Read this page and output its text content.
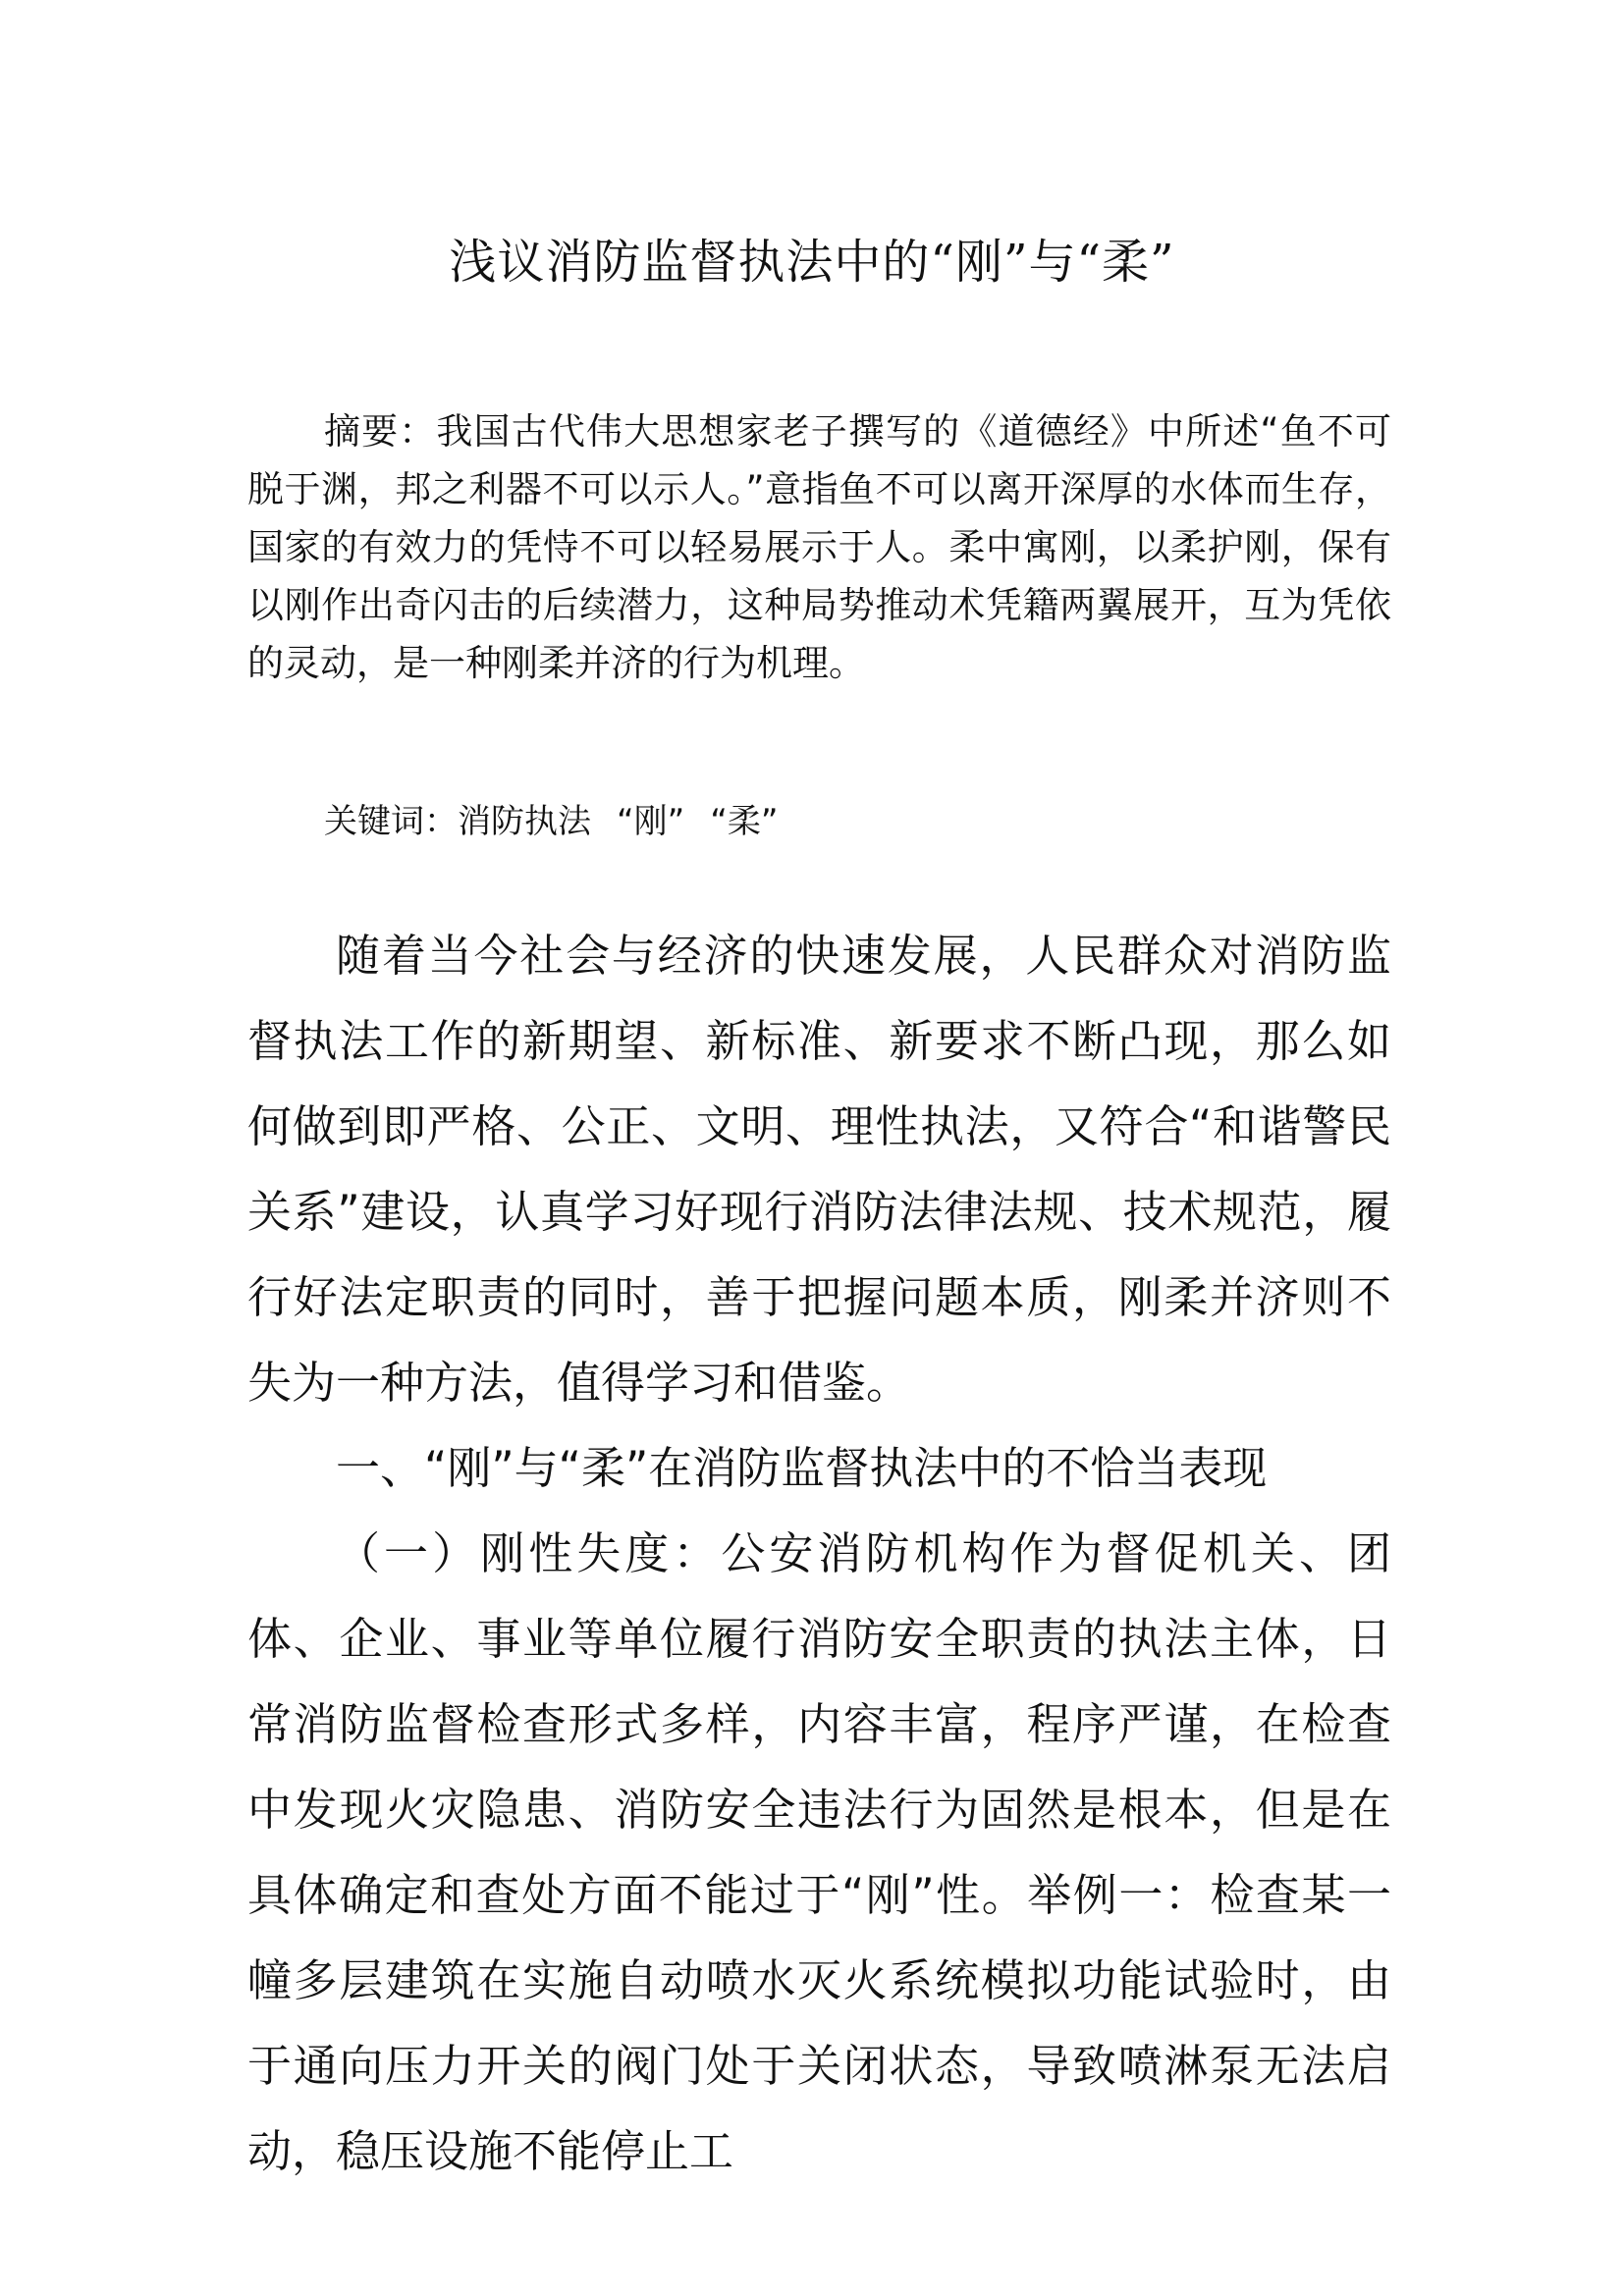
浅议消防监督执法中的“刚”与“柔”

摘要：我国古代伟大思想家老子撰写的《道德经》中所述“鱼不可脱于渊，邦之利器不可以示人。”意指鱼不可以离开深厚的水体而生存，国家的有效力的凭恃不可以轻易展示于人。柔中寓刚，以柔护刚，保有以刚作出奇闪击的后续潜力，这种局势推动术凭籍两翼展开，互为凭依的灵动，是一种刚柔并济的行为机理。

关键词：消防执法 “刚” “柔”

随着当今社会与经济的快速发展，人民群众对消防监督执法工作的新期望、新标准、新要求不断凸现，那么如何做到即严格、公正、文明、理性执法，又符合“和谐警民关系”建设，认真学习好现行消防法律法规、技术规范，履行好法定职责的同时，善于把握问题本质，刚柔并济则不失为一种方法，值得学习和借鉴。

一、“刚”与“柔”在消防监督执法中的不恰当表现

（一）刚性失度：公安消防机构作为督促机关、团体、企业、事业等单位履行消防安全职责的执法主体，日常消防监督检查形式多样，内容丰富，程序严谨，在检查中发现火灾隐患、消防安全违法行为固然是根本，但是在具体确定和查处方面不能过于“刚”性。举例一：检查某一幢多层建筑在实施自动喷水灭火系统模拟功能试验时，由于通向压力开关的阀门处于关闭状态，导致喷淋泵无法启动，稳压设施不能停止工
